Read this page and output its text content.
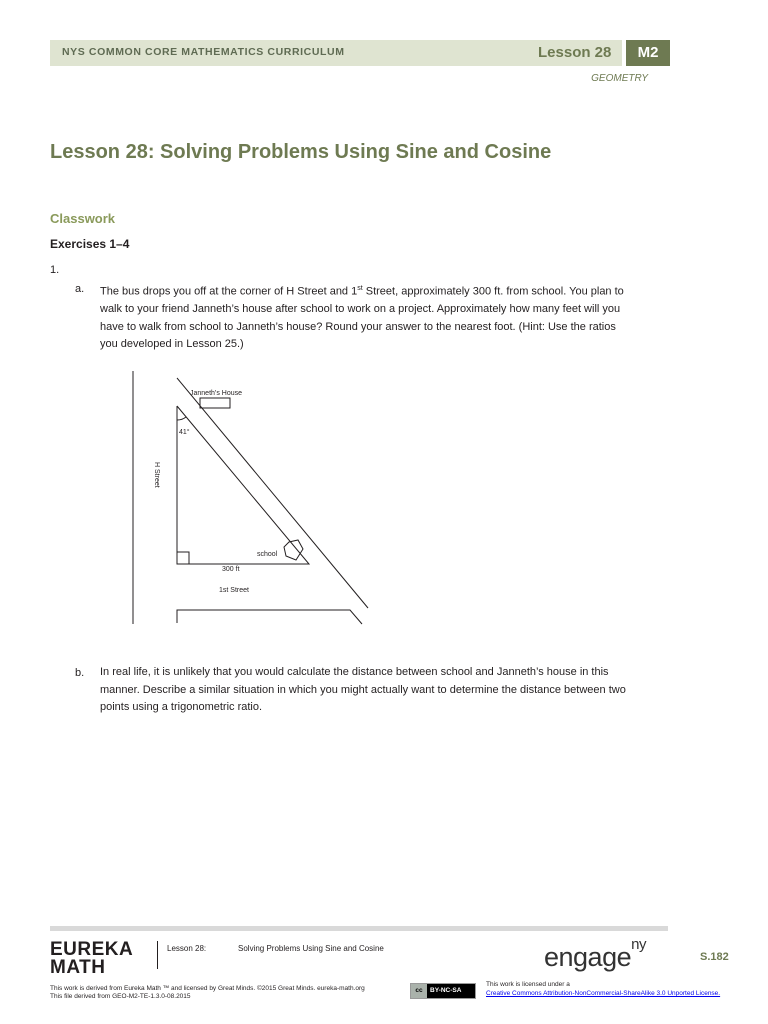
NYS COMMON CORE MATHEMATICS CURRICULUM	Lesson 28	M2
GEOMETRY
Lesson 28: Solving Problems Using Sine and Cosine
Classwork
Exercises 1–4
1.
a. The bus drops you off at the corner of H Street and 1st Street, approximately 300 ft. from school. You plan to
walk to your friend Janneth’s house after school to work on a project. Approximately how many feet will you
have to walk from school to Janneth’s house? Round your answer to the nearest foot. (Hint: Use the ratios
you developed in Lesson 25.)
Janneth’s House
41°
H Street
school
300 ft
1st Street
b. In real life, it is unlikely that you would calculate the distance between school and Janneth’s house in this
manner. Describe a similar situation in which you might actually want to determine the distance between two
points using a trigonometric ratio.
EUREKA
MATH
Lesson 28:	Solving Problems Using Sine and Cosine	engage$^{ny}$
S.182
This work is derived from Eureka Math ™ and licensed by Great Minds. ©2015 Great Minds. eureka-math.org
This file derived from GEO-M2-TE-1.3.0-08.2015
cc BY-NC-SA
This work is licensed under a
Creative Commons Attribution-NonCommercial-ShareAlike 3.0 Unported License.
